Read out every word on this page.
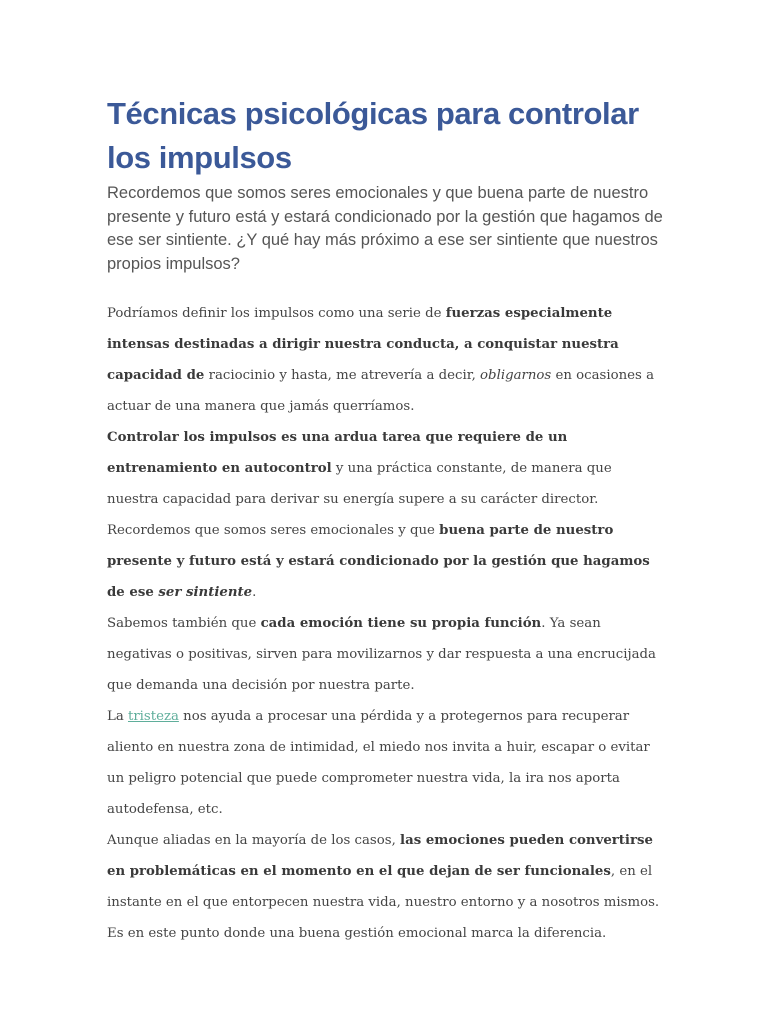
Técnicas psicológicas para controlar los impulsos

Recordemos que somos seres emocionales y que buena parte de nuestro presente y futuro está y estará condicionado por la gestión que hagamos de ese ser sintiente. ¿Y qué hay más próximo a ese ser sintiente que nuestros propios impulsos?

Podríamos definir los impulsos como una serie de fuerzas especialmente intensas destinadas a dirigir nuestra conducta, a conquistar nuestra capacidad de raciocinio y hasta, me atrevería a decir, obligarnos en ocasiones a actuar de una manera que jamás querríamos.

Controlar los impulsos es una ardua tarea que requiere de un entrenamiento en autocontrol y una práctica constante, de manera que nuestra capacidad para derivar su energía supere a su carácter director.

Recordemos que somos seres emocionales y que buena parte de nuestro presente y futuro está y estará condicionado por la gestión que hagamos de ese ser sintiente.

Sabemos también que cada emoción tiene su propia función. Ya sean negativas o positivas, sirven para movilizarnos y dar respuesta a una encrucijada que demanda una decisión por nuestra parte.

La tristeza nos ayuda a procesar una pérdida y a protegernos para recuperar aliento en nuestra zona de intimidad, el miedo nos invita a huir, escapar o evitar un peligro potencial que puede comprometer nuestra vida, la ira nos aporta autodefensa, etc.

Aunque aliadas en la mayoría de los casos, las emociones pueden convertirse en problemáticas en el momento en el que dejan de ser funcionales, en el instante en el que entorpecen nuestra vida, nuestro entorno y a nosotros mismos. Es en este punto donde una buena gestión emocional marca la diferencia.
